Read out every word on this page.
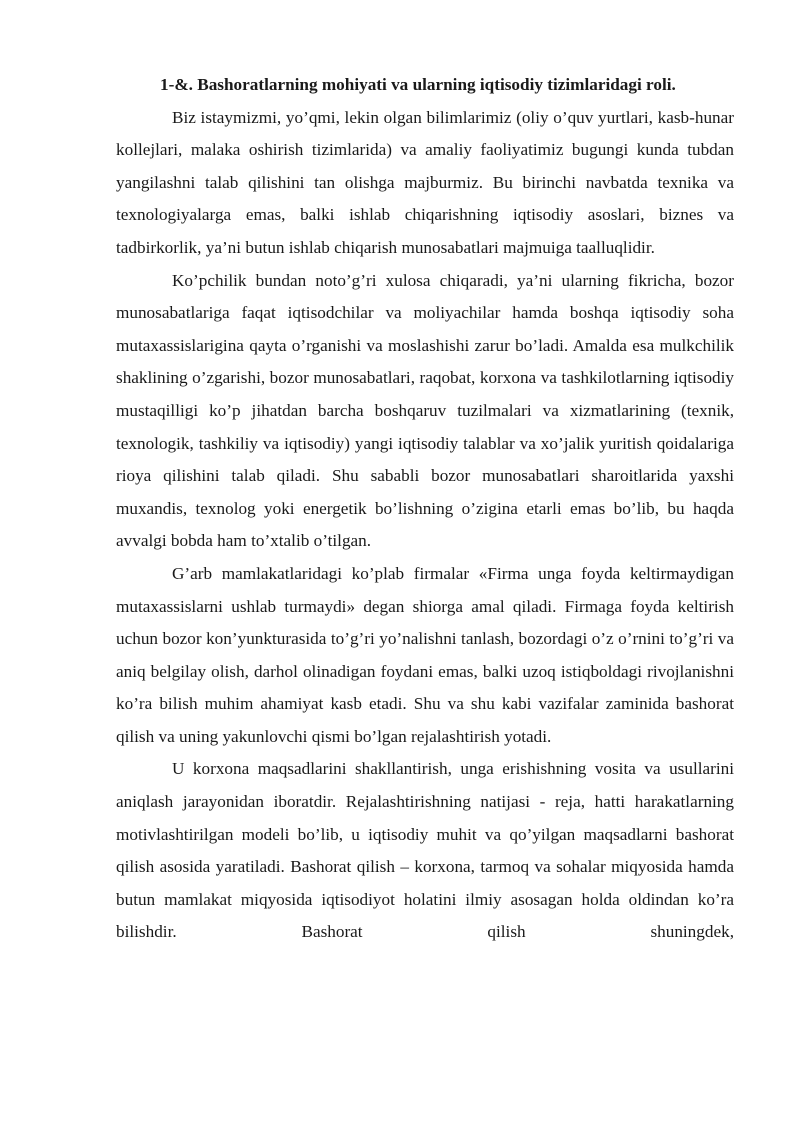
1-&. Bashoratlarning mohiyati va ularning iqtisodiy tizimlaridagi roli.

Biz istaymizmi, yo’qmi, lekin olgan bilimlarimiz (oliy o’quv yurtlari, kasb-hunar kollejlari, malaka oshirish tizimlarida) va amaliy faoliyatimiz bugungi kunda tubdan yangilashni talab qilishini tan olishga majburmiz. Bu birinchi navbatda texnika va texnologiyalarga emas, balki ishlab chiqarishning iqtisodiy asoslari, biznes va tadbirkorlik, ya’ni butun ishlab chiqarish munosabatlari majmuiga taalluqlidir.

Ko’pchilik bundan noto’g’ri xulosa chiqaradi, ya’ni ularning fikricha, bozor munosabatlariga faqat iqtisodchilar va moliyachilar hamda boshqa iqtisodiy soha mutaxassislarigina qayta o’rganishi va moslashishi zarur bo’ladi. Amalda esa mulkchilik shaklining o’zgarishi, bozor munosabatlari, raqobat, korxona va tashkilotlarning iqtisodiy mustaqilligi ko’p jihatdan barcha boshqaruv tuzilmalari va xizmatlarining (texnik, texnologik, tashkiliy va iqtisodiy) yangi iqtisodiy talablar va xo’jalik yuritish qoidalariga rioya qilishini talab qiladi. Shu sababli bozor munosabatlari sharoitlarida yaxshi muxandis, texnolog yoki energetik bo’lishning o’zigina etarli emas bo’lib, bu haqda avvalgi bobda ham to’xtalib o’tilgan.

G’arb mamlakatlaridagi ko’plab firmalar «Firma unga foyda keltirmaydigan mutaxassislarni ushlab turmaydi» degan shiorga amal qiladi. Firmaga foyda keltirish uchun bozor kon’yunkturasida to’g’ri yo’nalishni tanlash, bozordagi o’z o’rnini to’g’ri va aniq belgilay olish, darhol olinadigan foydani emas, balki uzoq istiqboldagi rivojlanishni ko’ra bilish muhim ahamiyat kasb etadi. Shu va shu kabi vazifalar zaminida bashorat qilish va uning yakunlovchi qismi bo’lgan rejalashtirish yotadi.

U korxona maqsadlarini shakllantirish, unga erishishning vosita va usullarini aniqlash jarayonidan iboratdir. Rejalashtirishning natijasi - reja, hatti harakatlarning motivlashtirilgan modeli bo’lib, u iqtisodiy muhit va qo’yilgan maqsadlarni bashorat qilish asosida yaratiladi. Bashorat qilish – korxona, tarmoq va sohalar miqyosida hamda butun mamlakat miqyosida iqtisodiyot holatini ilmiy asosagan holda oldindan ko’ra bilishdir. Bashorat qilish shuningdek,
